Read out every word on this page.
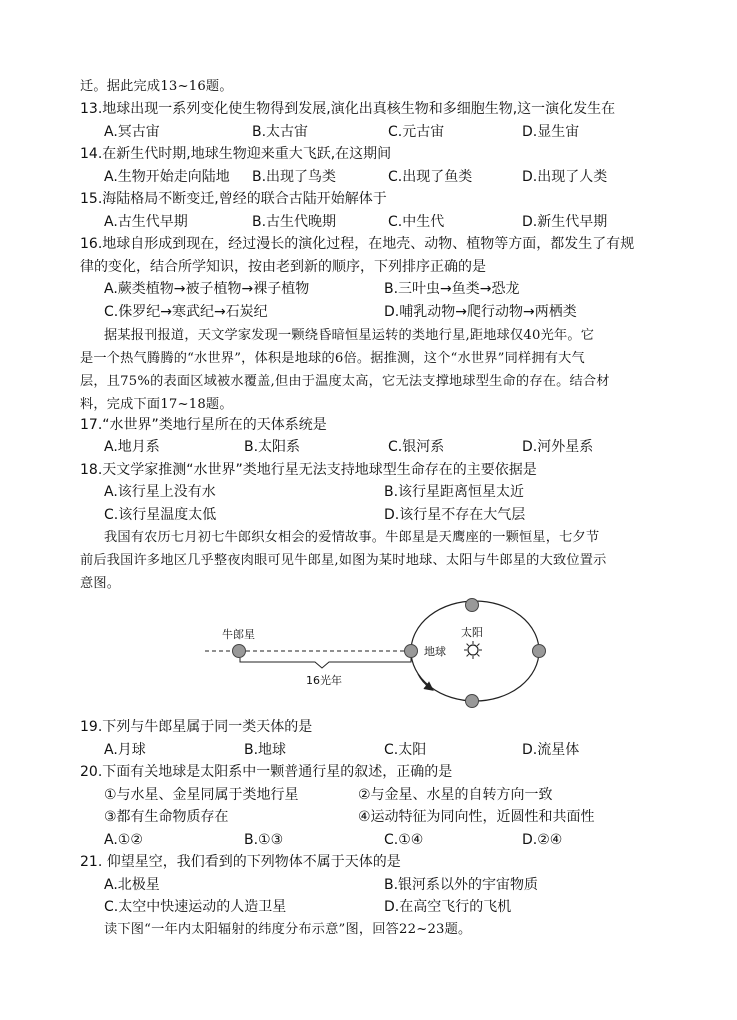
迁。据此完成13~16题。
13.地球出现一系列变化使生物得到发展,演化出真核生物和多细胞生物,这一演化发生在
A.冥古宙	B.太古宙	C.元古宙	D.显生宙
14.在新生代时期,地球生物迎来重大飞跃,在这期间
A.生物开始走向陆地 B.出现了鸟类	C.出现了鱼类	D.出现了人类
15.海陆格局不断变迁,曾经的联合古陆开始解体于
A.古生代早期	B.古生代晚期	C.中生代	D.新生代早期
16.地球自形成到现在，经过漫长的演化过程，在地壳、动物、植物等方面，都发生了有规
律的变化，结合所学知识，按由老到新的顺序，下列排序正确的是
A.蕨类植物→被子植物→裸子植物	B.三叶虫→鱼类→恐龙
C.侏罗纪→寒武纪→石炭纪	D.哺乳动物→爬行动物→两栖类
据某报刊报道，天文学家发现一颗绕昏暗恒星运转的类地行星,距地球仅40光年。它
是一个热气腾腾的“水世界”，体积是地球的6倍。据推测，这个“水世界”同样拥有大气
层，且75%的表面区域被水覆盖,但由于温度太高，它无法支撑地球型生命的存在。结合材
料，完成下面17~18题。
17.“水世界”类地行星所在的天体系统是
A.地月系	B.太阳系	C.银河系	D.河外星系
18.天文学家推测“水世界”类地行星无法支持地球型生命存在的主要依据是
A.该行星上没有水	B.该行星距离恒星太近
C.该行星温度太低	D.该行星不存在大气层
我国有农历七月初七牛郎织女相会的爱情故事。牛郎星是天鹰座的一颗恒星，七夕节
前后我国许多地区几乎整夜肉眼可见牛郎星,如图为某时地球、太阳与牛郎星的大致位置示
意图。
16光年
牛郎星
地球
太阳
19.下列与牛郎星属于同一类天体的是
A.月球	B.地球	C.太阳	D.流星体
20.下面有关地球是太阳系中一颗普通行星的叙述，正确的是
①与水星、金星同属于类地行星	②与金星、水星的自转方向一致
③都有生命物质存在	④运动特征为同向性，近圆性和共面性
A.①②	B.①③	C.①④	D.②④
21. 仰望星空，我们看到的下列物体不属于天体的是
A.北极星	B.银河系以外的宇宙物质
C.太空中快速运动的人造卫星	D.在高空飞行的飞机
读下图“一年内太阳辐射的纬度分布示意”图，回答22~23题。
